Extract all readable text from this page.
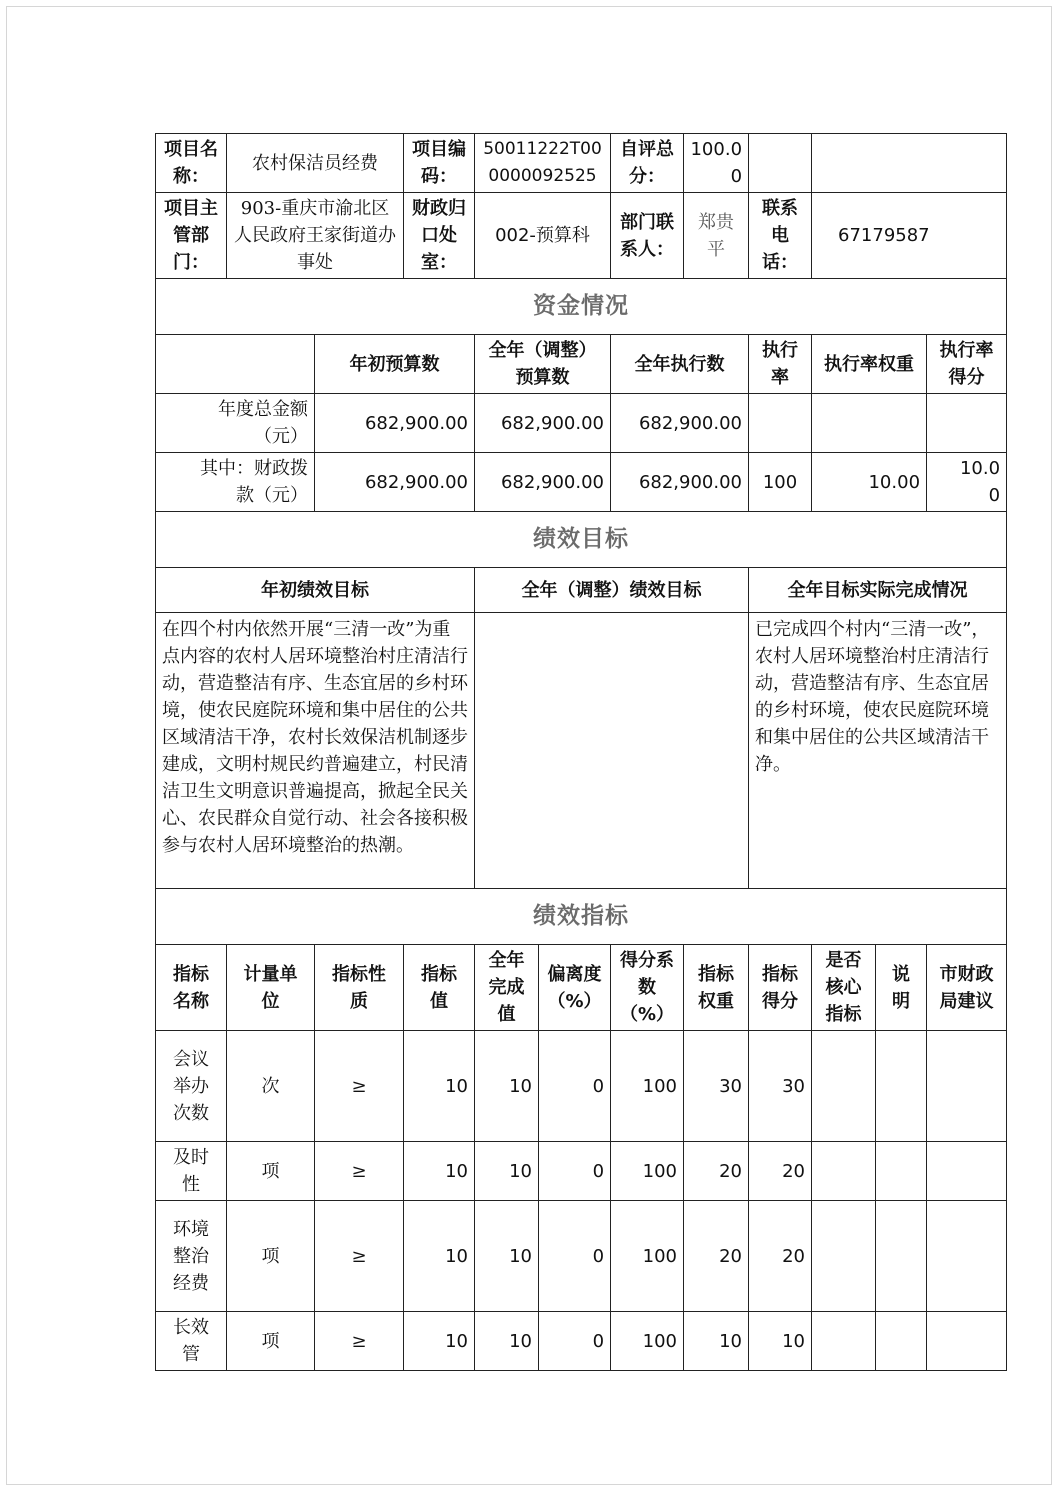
项目名称：	农村保洁员经费		项目编码：	50011222T000000092525		自评总分：	100.00				
项目主管部门：	903-重庆市渝北区人民政府王家街道办事处		财政归口处室：	002-预算科		部门联系人：	郑贵平	联系电话：	67179587		
资金情况											
		年初预算数		全年（调整）预算数		全年执行数		执行率	执行率权重		执行率得分
年度总金额（元）		682,900.00		682,900.00		682,900.00					
其中：财政拨款（元）		682,900.00		682,900.00		682,900.00		100	10.00		10.00
绩效目标											
年初绩效目标				全年（调整）绩效目标				全年目标实际完成情况			
在四个村内依然开展“三清一改”为重点内容的农村人居环境整治村庄清洁行动，营造整洁有序、生态宜居的乡村环境，使农民庭院环境和集中居住的公共区域清洁干净，农村长效保洁机制逐步建成，文明村规民约普遍建立，村民清洁卫生文明意识普遍提高，掀起全民关心、农民群众自觉行动、社会各接积极参与农村人居环境整治的热潮。								已完成四个村内“三清一改”，农村人居环境整治村庄清洁行动，营造整洁有序、生态宜居的乡村环境，使农民庭院环境和集中居住的公共区域清洁干净。			
绩效指标											
指标名称	计量单位	指标性质	指标值	全年完成值	偏离度（%）	得分系数（%）	指标权重	指标得分	是否核心指标	说明	市财政局建议
会议举办次数	次	≥	10	10	0	100	30	30			
及时性	项	≥	10	10	0	100	20	20			
环境整治经费	项	≥	10	10	0	100	20	20			
长效管	项	≥	10	10	0	100	10	10			
